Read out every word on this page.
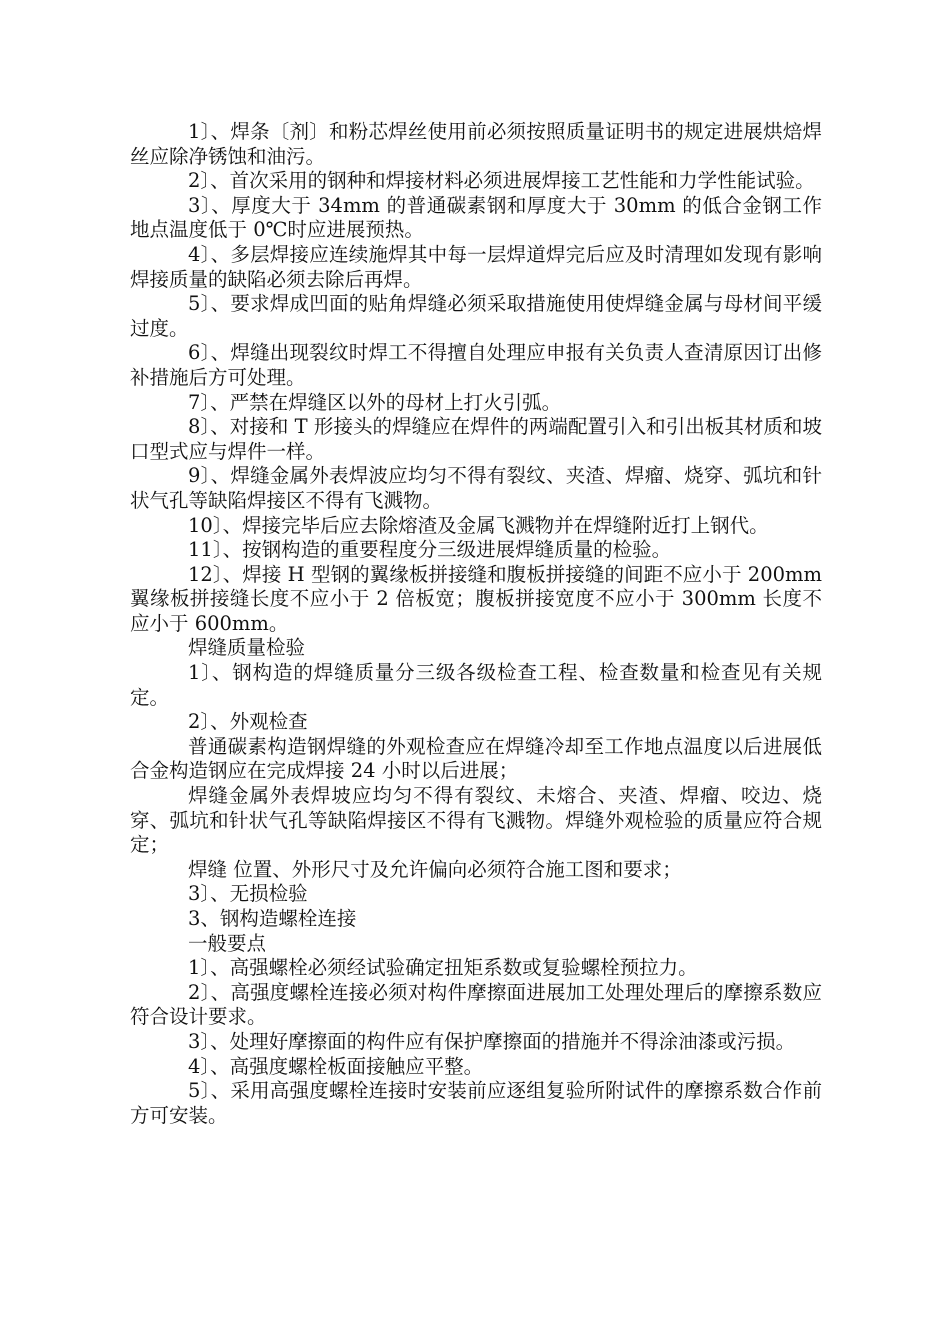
1〕、焊条〔剂〕和粉芯焊丝使用前必须按照质量证明书的规定进展烘焙焊丝应除净锈蚀和油污。

2〕、首次采用的钢种和焊接材料必须进展焊接工艺性能和力学性能试验。

3〕、厚度大于 34mm 的普通碳素钢和厚度大于 30mm 的低合金钢工作地点温度低于 0℃时应进展预热。

4〕、多层焊接应连续施焊其中每一层焊道焊完后应及时清理如发现有影响焊接质量的缺陷必须去除后再焊。

5〕、要求焊成凹面的贴角焊缝必须采取措施使用使焊缝金属与母材间平缓过度。

6〕、焊缝出现裂纹时焊工不得擅自处理应申报有关负责人查清原因订出修补措施后方可处理。

7〕、严禁在焊缝区以外的母材上打火引弧。

8〕、对接和 T 形接头的焊缝应在焊件的两端配置引入和引出板其材质和坡口型式应与焊件一样。

9〕、焊缝金属外表焊波应均匀不得有裂纹、夹渣、焊瘤、烧穿、弧坑和针状气孔等缺陷焊接区不得有飞溅物。

10〕、焊接完毕后应去除熔渣及金属飞溅物并在焊缝附近打上钢代。

11〕、按钢构造的重要程度分三级进展焊缝质量的检验。

12〕、焊接 H 型钢的翼缘板拼接缝和腹板拼接缝的间距不应小于 200mm 翼缘板拼接缝长度不应小于 2 倍板宽；腹板拼接宽度不应小于 300mm 长度不应小于 600mm。

焊缝质量检验

1〕、钢构造的焊缝质量分三级各级检查工程、检查数量和检查见有关规定。

2〕、外观检查

普通碳素构造钢焊缝的外观检查应在焊缝冷却至工作地点温度以后进展低合金构造钢应在完成焊接 24 小时以后进展；

焊缝金属外表焊坡应均匀不得有裂纹、未熔合、夹渣、焊瘤、咬边、烧穿、弧坑和针状气孔等缺陷焊接区不得有飞溅物。焊缝外观检验的质量应符合规定；

焊缝 位置、外形尺寸及允许偏向必须符合施工图和要求；

3〕、无损检验

3、钢构造螺栓连接

一般要点

1〕、高强螺栓必须经试验确定扭矩系数或复验螺栓预拉力。

2〕、高强度螺栓连接必须对构件摩擦面进展加工处理处理后的摩擦系数应符合设计要求。

3〕、处理好摩擦面的构件应有保护摩擦面的措施并不得涂油漆或污损。

4〕、高强度螺栓板面接触应平整。

5〕、采用高强度螺栓连接时安装前应逐组复验所附试件的摩擦系数合作前方可安装。
